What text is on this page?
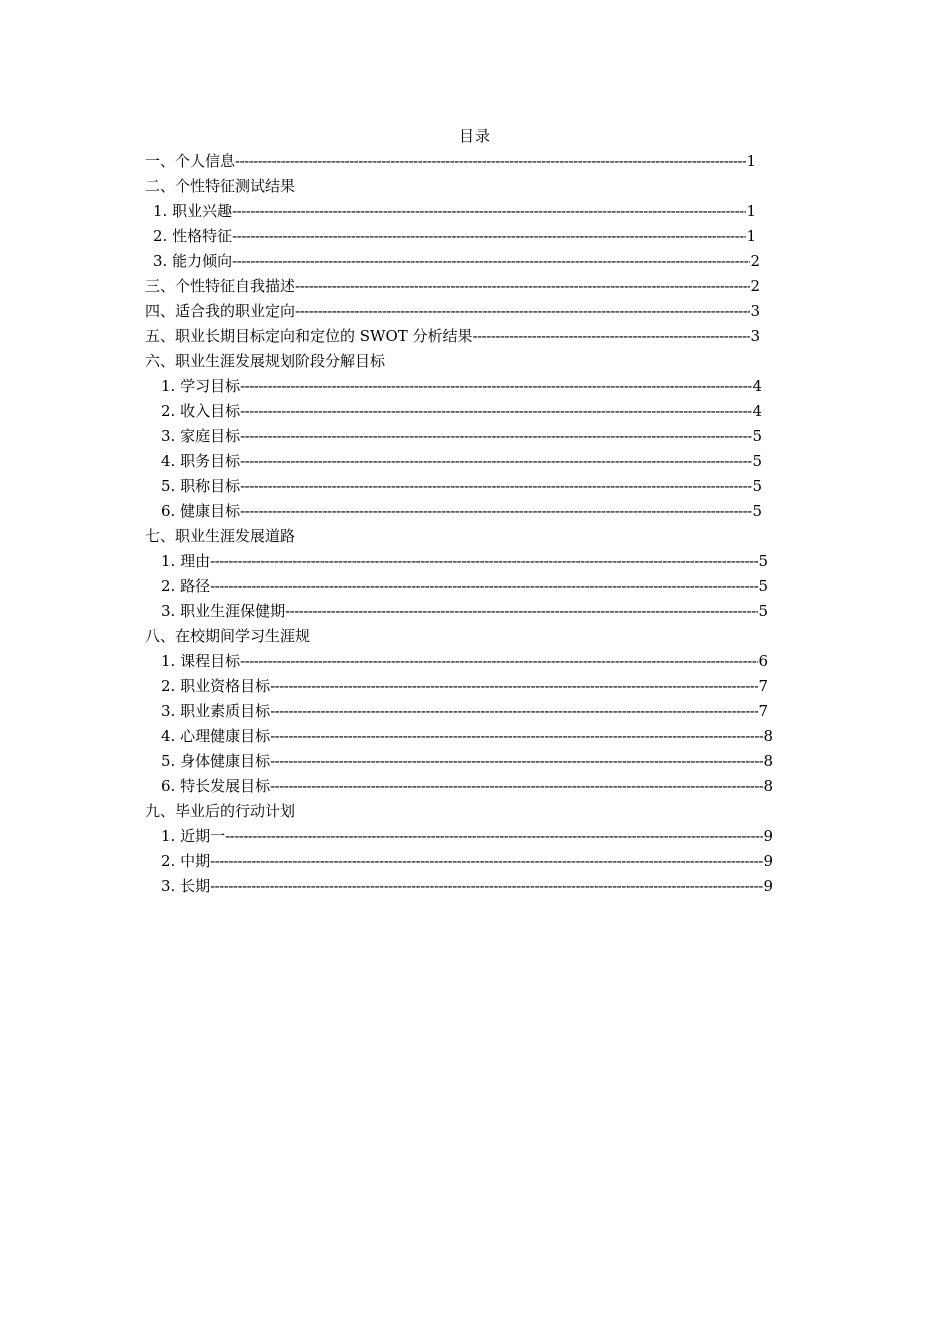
目录
一、个人信息 -----	1
二、个性特征测试结果
1. 职业兴趣 -----	1
2. 性格特征 -----	1
3. 能力倾向 -----	2
三、个性特征自我描述 -----	2
四、适合我的职业定向 -----	3
五、职业长期目标定向和定位的 SWOT 分析结果 -----	3
六、职业生涯发展规划阶段分解目标
1. 学习目标 -----	4
2. 收入目标 -----	4
3. 家庭目标 -----	5
4. 职务目标 -----	5
5. 职称目标 -----	5
6. 健康目标 -----	5
七、职业生涯发展道路
1. 理由 -----	5
2. 路径 -----	5
3. 职业生涯保健期 -----	5
八、在校期间学习生涯规
1. 课程目标 -----	6
2. 职业资格目标 -----	7
3. 职业素质目标 -----	7
4. 心理健康目标 -----	8
5. 身体健康目标 -----	8
6. 特长发展目标 -----	8
九、毕业后的行动计划
1. 近期一 -----	9
2. 中期 -----	9
3. 长期 -----	9
